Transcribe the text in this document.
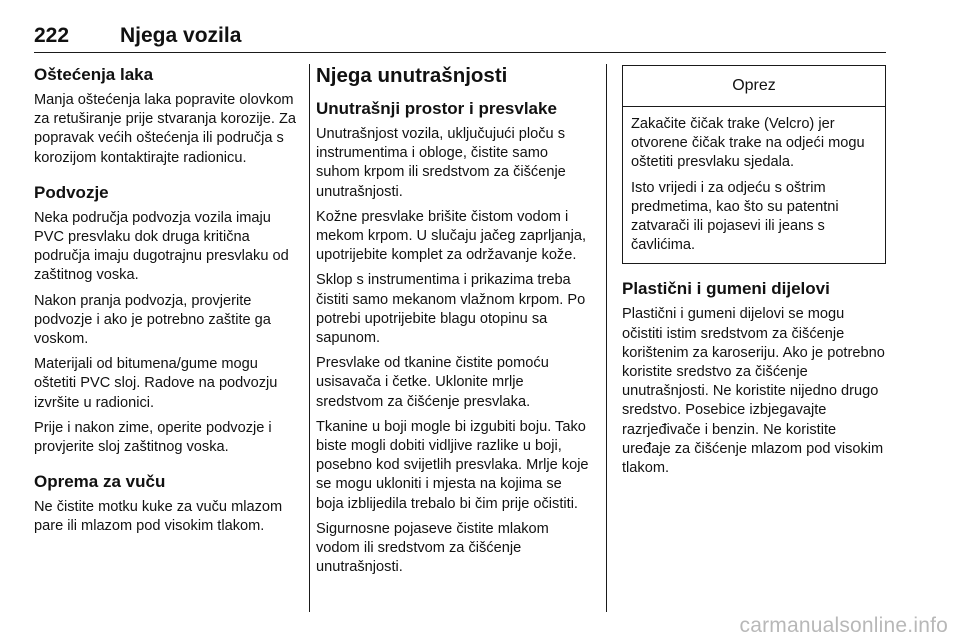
222 Njega vozila
Oštećenja laka

Manja oštećenja laka popravite olovkom za retuširanje prije stvaranja korozije. Za popravak većih oštećenja ili područja s korozijom kontaktirajte radionicu.

Podvozje

Neka područja podvozja vozila imaju PVC presvlaku dok druga kritična područja imaju dugotrajnu presvlaku od zaštitnog voska.

Nakon pranja podvozja, provjerite podvozje i ako je potrebno zaštite ga voskom.

Materijali od bitumena/gume mogu oštetiti PVC sloj. Radove na podvozju izvršite u radionici.

Prije i nakon zime, operite podvozje i provjerite sloj zaštitnog voska.

Oprema za vuču

Ne čistite motku kuke za vuču mlazom pare ili mlazom pod visokim tlakom.

Njega unutrašnjosti
Unutrašnji prostor i presvlake

Unutrašnjost vozila, uključujući ploču s instrumentima i obloge, čistite samo suhom krpom ili sredstvom za čišćenje unutrašnjosti.

Kožne presvlake brišite čistom vodom i mekom krpom. U slučaju jačeg zaprljanja, upotrijebite komplet za održavanje kože.

Sklop s instrumentima i prikazima treba čistiti samo mekanom vlažnom krpom. Po potrebi upotrijebite blagu otopinu sa sapunom.

Presvlake od tkanine čistite pomoću usisavača i četke. Uklonite mrlje sredstvom za čišćenje presvlaka.

Tkanine u boji mogle bi izgubiti boju. Tako biste mogli dobiti vidljive razlike u boji, posebno kod svijetlih presvlaka. Mrlje koje se mogu ukloniti i mjesta na kojima se boja izblijedila trebalo bi čim prije očistiti.

Sigurnosne pojaseve čistite mlakom vodom ili sredstvom za čišćenje unutrašnjosti.

Oprez

Zakačite čičak trake (Velcro) jer otvorene čičak trake na odjeći mogu oštetiti presvlaku sjedala.

Isto vrijedi i za odjeću s oštrim predmetima, kao što su patentni zatvarači ili pojasevi ili jeans s čavlićima.

Plastični i gumeni dijelovi

Plastični i gumeni dijelovi se mogu očistiti istim sredstvom za čišćenje korištenim za karoseriju. Ako je potrebno koristite sredstvo za čišćenje unutrašnjosti. Ne koristite nijedno drugo sredstvo. Posebice izbjegavajte razrjeđivače i benzin. Ne koristite uređaje za čišćenje mlazom pod visokim tlakom.

carmanualsonline.info
